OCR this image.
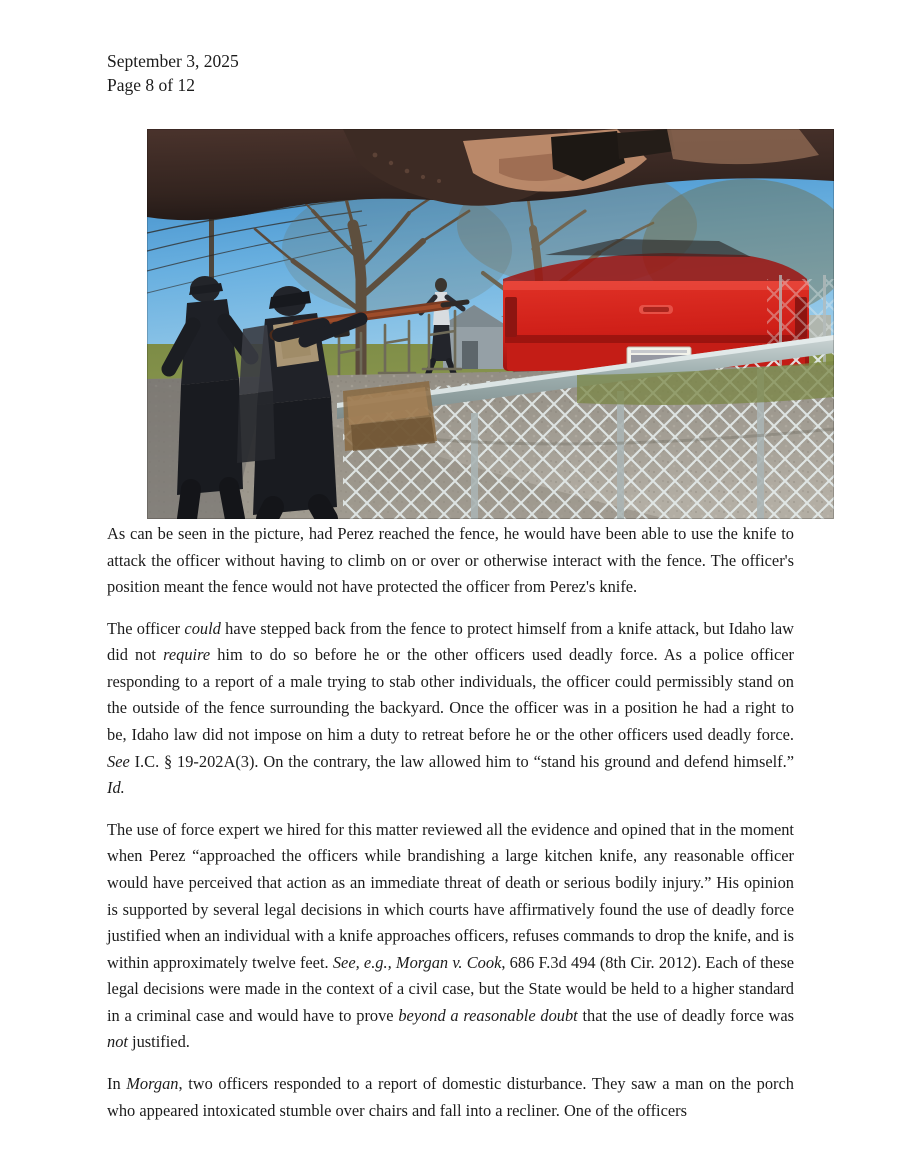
September 3, 2025
Page 8 of 12

As can be seen in the picture, had Perez reached the fence, he would have been able to use the knife to attack the officer without having to climb on or over or otherwise interact with the fence. The officer's position meant the fence would not have protected the officer from Perez's knife.

The officer could have stepped back from the fence to protect himself from a knife attack, but Idaho law did not require him to do so before he or the other officers used deadly force. As a police officer responding to a report of a male trying to stab other individuals, the officer could permissibly stand on the outside of the fence surrounding the backyard. Once the officer was in a position he had a right to be, Idaho law did not impose on him a duty to retreat before he or the other officers used deadly force. See I.C. § 19-202A(3). On the contrary, the law allowed him to “stand his ground and defend himself.” Id.

The use of force expert we hired for this matter reviewed all the evidence and opined that in the moment when Perez “approached the officers while brandishing a large kitchen knife, any reasonable officer would have perceived that action as an immediate threat of death or serious bodily injury.” His opinion is supported by several legal decisions in which courts have affirmatively found the use of deadly force justified when an individual with a knife approaches officers, refuses commands to drop the knife, and is within approximately twelve feet. See, e.g., Morgan v. Cook, 686 F.3d 494 (8th Cir. 2012). Each of these legal decisions were made in the context of a civil case, but the State would be held to a higher standard in a criminal case and would have to prove beyond a reasonable doubt that the use of deadly force was not justified.

In Morgan, two officers responded to a report of domestic disturbance. They saw a man on the porch who appeared intoxicated stumble over chairs and fall into a recliner. One of the officers
